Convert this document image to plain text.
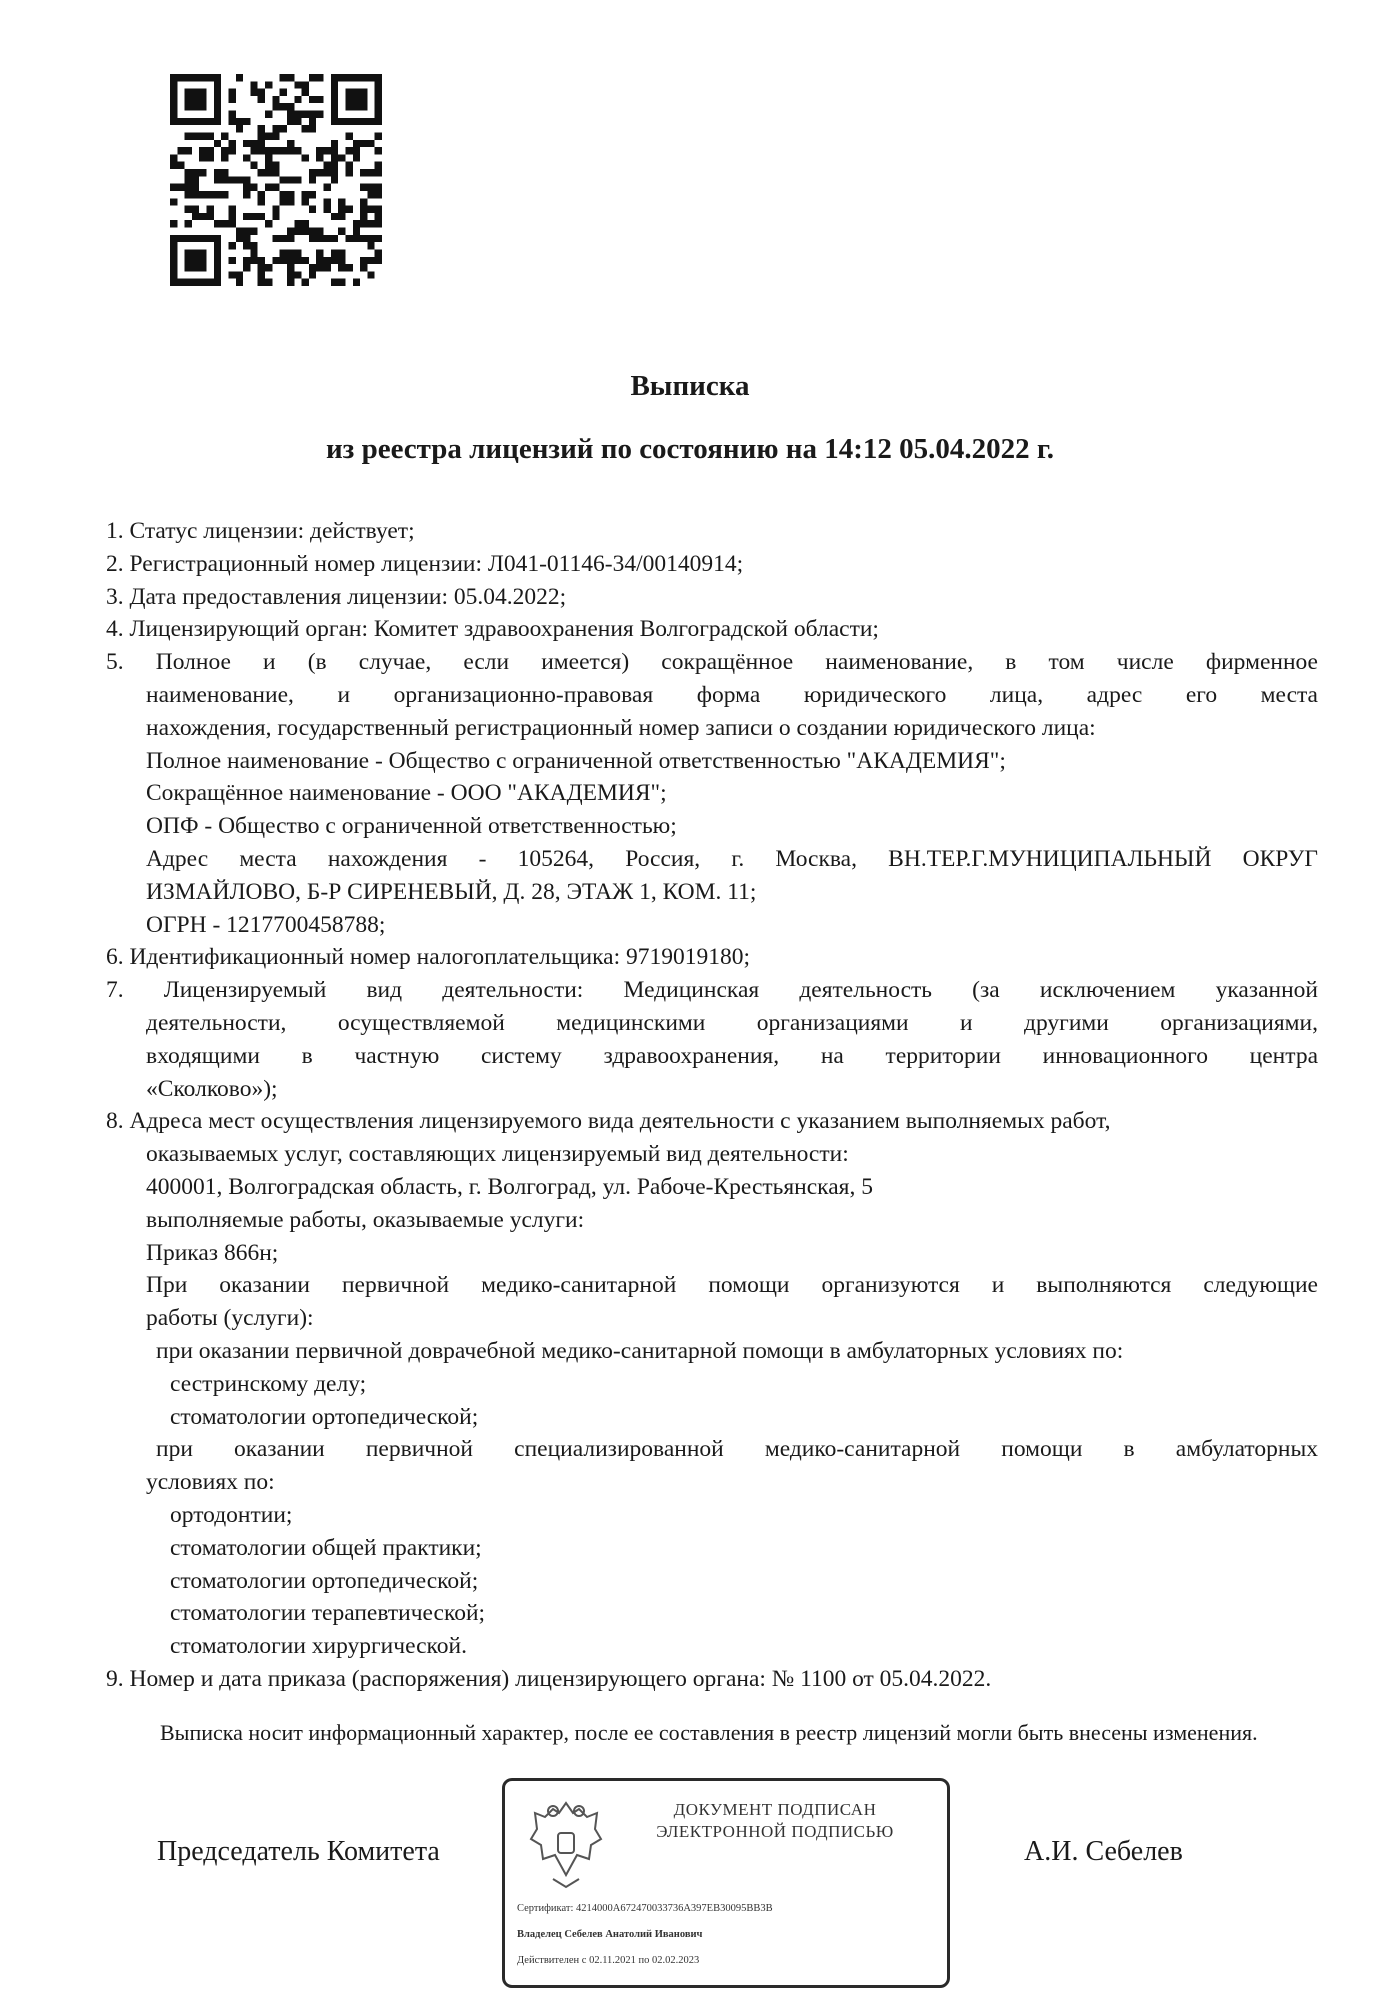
Выписка
из реестра лицензий по состоянию на 14:12 05.04.2022 г.
1. Статус лицензии: действует;
2. Регистрационный номер лицензии: Л041-01146-34/00140914;
3. Дата предоставления лицензии: 05.04.2022;
4. Лицензирующий орган: Комитет здравоохранения Волгоградской области;
5. Полное и (в случае, если имеется) сокращённое наименование, в том числе фирменное
наименование, и организационно-правовая форма юридического лица, адрес его места
нахождения, государственный регистрационный номер записи о создании юридического лица:
Полное наименование - Общество с ограниченной ответственностью "АКАДЕМИЯ";
Сокращённое наименование - ООО "АКАДЕМИЯ";
ОПФ - Общество с ограниченной ответственностью;
Адрес места нахождения - 105264, Россия, г. Москва, ВН.ТЕР.Г.МУНИЦИПАЛЬНЫЙ ОКРУГ
ИЗМАЙЛОВО, Б-Р СИРЕНЕВЫЙ, Д. 28, ЭТАЖ 1, КОМ. 11;
ОГРН - 1217700458788;
6. Идентификационный номер налогоплательщика: 9719019180;
7. Лицензируемый вид деятельности: Медицинская деятельность (за исключением указанной
деятельности, осуществляемой медицинскими организациями и другими организациями,
входящими в частную систему здравоохранения, на территории инновационного центра
«Сколково»);
8. Адреса мест осуществления лицензируемого вида деятельности с указанием выполняемых работ,
оказываемых услуг, составляющих лицензируемый вид деятельности:
400001, Волгоградская область, г. Волгоград, ул. Рабоче-Крестьянская, 5
выполняемые работы, оказываемые услуги:
Приказ 866н;
При оказании первичной медико-санитарной помощи организуются и выполняются следующие
работы (услуги):
при оказании первичной доврачебной медико-санитарной помощи в амбулаторных условиях по:
сестринскому делу;
стоматологии ортопедической;
при оказании первичной специализированной медико-санитарной помощи в амбулаторных
условиях по:
ортодонтии;
стоматологии общей практики;
стоматологии ортопедической;
стоматологии терапевтической;
стоматологии хирургической.
9. Номер и дата приказа (распоряжения) лицензирующего органа: № 1100 от 05.04.2022.
Выписка носит информационный характер, после ее составления в реестр лицензий могли быть внесены изменения.
Председатель Комитета	А.И. Себелев
ДОКУМЕНТ ПОДПИСАН
ЭЛЕКТРОННОЙ ПОДПИСЬЮ
Сертификат: 4214000А672470033736А397ЕВ30095ВВ3В
Владелец Себелев Анатолий Иванович
Действителен с 02.11.2021 по 02.02.2023
